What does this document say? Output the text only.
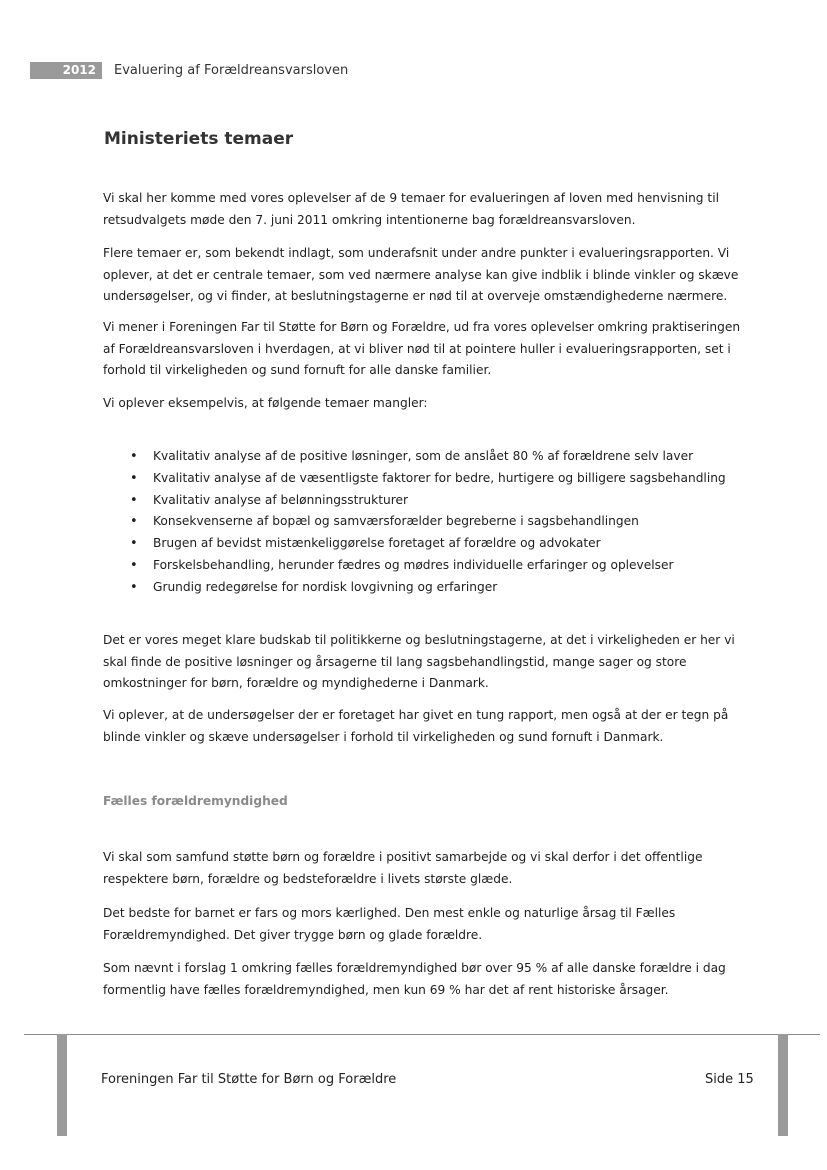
2012	Evaluering af Forældreansvarsloven
Ministeriets temaer

Vi skal her komme med vores oplevelser af de 9 temaer for evalueringen af loven med henvisning til retsudvalgets møde den 7. juni 2011 omkring intentionerne bag forældreansvarsloven.

Flere temaer er, som bekendt indlagt, som underafsnit under andre punkter i evalueringsrapporten. Vi oplever, at det er centrale temaer, som ved nærmere analyse kan give indblik i blinde vinkler og skæve undersøgelser, og vi finder, at beslutningstagerne er nød til at overveje omstændighederne nærmere.

Vi mener i Foreningen Far til Støtte for Børn og Forældre, ud fra vores oplevelser omkring praktiseringen af Forældreansvarsloven i hverdagen, at vi bliver nød til at pointere huller i evalueringsrapporten, set i forhold til virkeligheden og sund fornuft for alle danske familier.

Vi oplever eksempelvis, at følgende temaer mangler:

• Kvalitativ analyse af de positive løsninger, som de anslået 80 % af forældrene selv laver
• Kvalitativ analyse af de væsentligste faktorer for bedre, hurtigere og billigere sagsbehandling
• Kvalitativ analyse af belønningsstrukturer
• Konsekvenserne af bopæl og samværsforælder begreberne i sagsbehandlingen
• Brugen af bevidst mistænkeliggørelse foretaget af forældre og advokater
• Forskelsbehandling, herunder fædres og mødres individuelle erfaringer og oplevelser
• Grundig redegørelse for nordisk lovgivning og erfaringer

Det er vores meget klare budskab til politikkerne og beslutningstagerne, at det i virkeligheden er her vi skal finde de positive løsninger og årsagerne til lang sagsbehandlingstid, mange sager og store omkostninger for børn, forældre og myndighederne i Danmark.

Vi oplever, at de undersøgelser der er foretaget har givet en tung rapport, men også at der er tegn på blinde vinkler og skæve undersøgelser i forhold til virkeligheden og sund fornuft i Danmark.

Fælles forældremyndighed

Vi skal som samfund støtte børn og forældre i positivt samarbejde og vi skal derfor i det offentlige respektere børn, forældre og bedsteforældre i livets største glæde.

Det bedste for barnet er fars og mors kærlighed. Den mest enkle og naturlige årsag til Fælles Forældremyndighed. Det giver trygge børn og glade forældre.

Som nævnt i forslag 1 omkring fælles forældremyndighed bør over 95 % af alle danske forældre i dag formentlig have fælles forældremyndighed, men kun 69 % har det af rent historiske årsager.

Foreningen Far til Støtte for Børn og Forældre	Side 15
